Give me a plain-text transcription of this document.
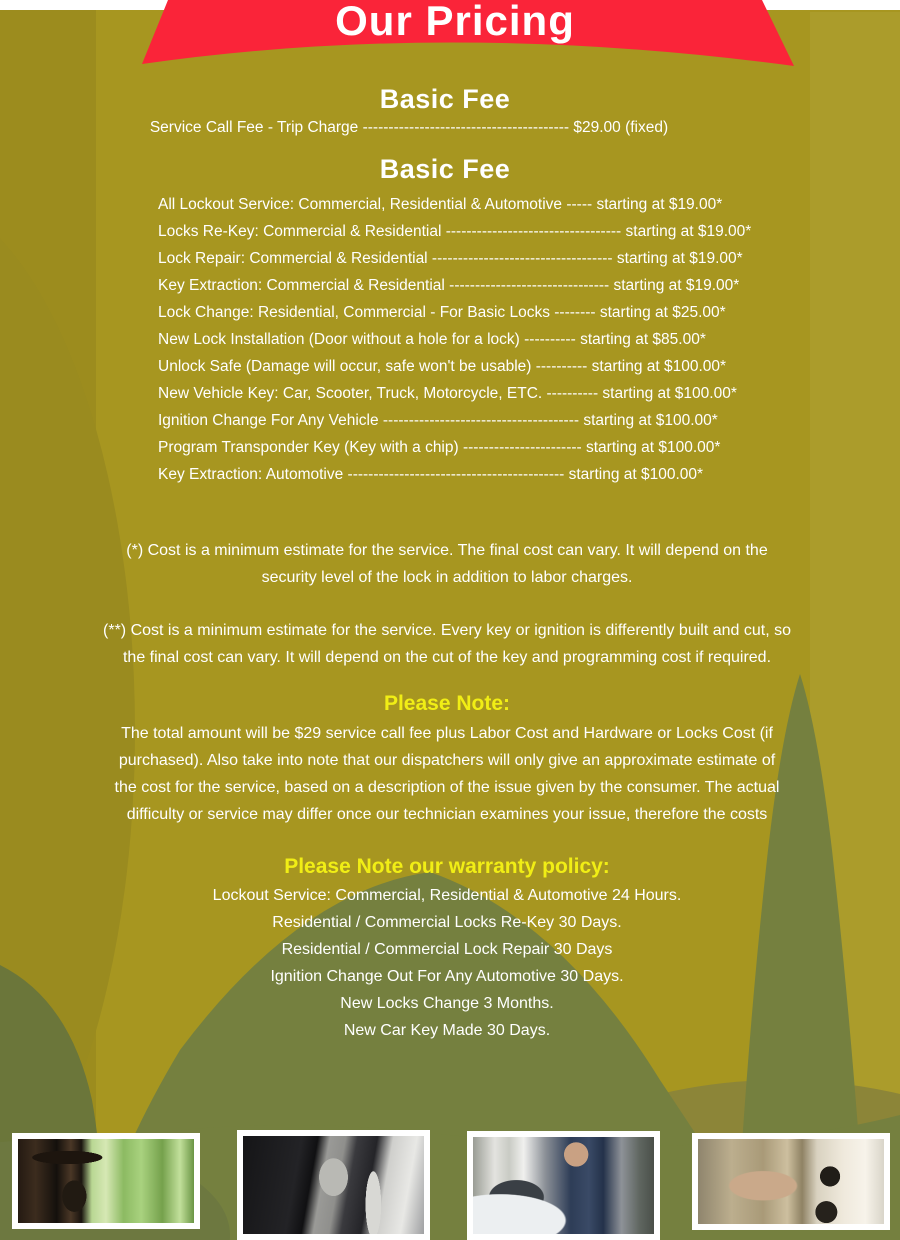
Our Pricing
Basic Fee
Service Call Fee - Trip Charge ---------------------------------------- $29.00 (fixed)
Basic Fee
All Lockout Service: Commercial, Residential & Automotive ----- starting at $19.00*
Locks Re-Key: Commercial & Residential ---------------------------------- starting at $19.00*
Lock Repair: Commercial & Residential ----------------------------------- starting at $19.00*
Key Extraction: Commercial & Residential ------------------------------- starting at $19.00*
Lock Change: Residential, Commercial - For Basic Locks -------- starting at $25.00*
New Lock Installation (Door without a hole for a lock) ---------- starting at $85.00*
Unlock Safe (Damage will occur, safe won't be usable) ---------- starting at $100.00*
New Vehicle Key: Car, Scooter, Truck, Motorcycle, ETC. ---------- starting at $100.00*
Ignition Change For Any Vehicle -------------------------------------- starting at $100.00*
Program Transponder Key (Key with a chip) ----------------------- starting at $100.00*
Key Extraction: Automotive ------------------------------------------ starting at $100.00*
(*) Cost is a minimum estimate for the service. The final cost can vary. It will depend on the
security level of the lock in addition to labor charges.
(**) Cost is a minimum estimate for the service. Every key or ignition is differently built and cut, so
the final cost can vary. It will depend on the cut of the key and programming cost if required.
Please Note:
The total amount will be $29 service call fee plus Labor Cost and Hardware or Locks Cost (if
purchased). Also take into note that our dispatchers will only give an approximate estimate of
the cost for the service, based on a description of the issue given by the consumer. The actual
difficulty or service may differ once our technician examines your issue, therefore the costs
Please Note our warranty policy:
Lockout Service: Commercial, Residential & Automotive 24 Hours.
Residential / Commercial Locks Re-Key 30 Days.
Residential / Commercial Lock Repair 30 Days
Ignition Change Out For Any Automotive 30 Days.
New Locks Change 3 Months.
New Car Key Made 30 Days.
